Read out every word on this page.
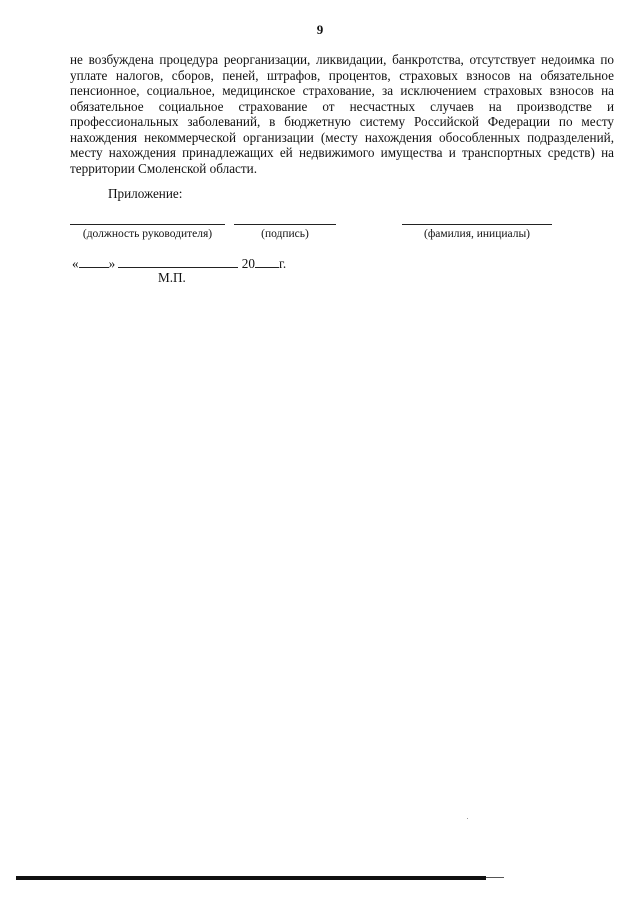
9
не возбуждена процедура реорганизации, ликвидации, банкротства, отсутствует недоимка по
уплате налогов, сборов, пеней, штрафов, процентов, страховых взносов на обязательное
пенсионное, социальное, медицинское страхование, за исключением страховых взносов на
обязательное социальное страхование от несчастных случаев на производстве и
профессиональных заболеваний, в бюджетную систему Российской Федерации по месту
нахождения некоммерческой организации (месту нахождения обособленных подразделений,
месту нахождения принадлежащих ей недвижимого имущества и транспортных средств) на
территории Смоленской области.
Приложение:
(должность руководителя)	(подпись)	(фамилия, инициалы)
« »	20 г.
М.П.
